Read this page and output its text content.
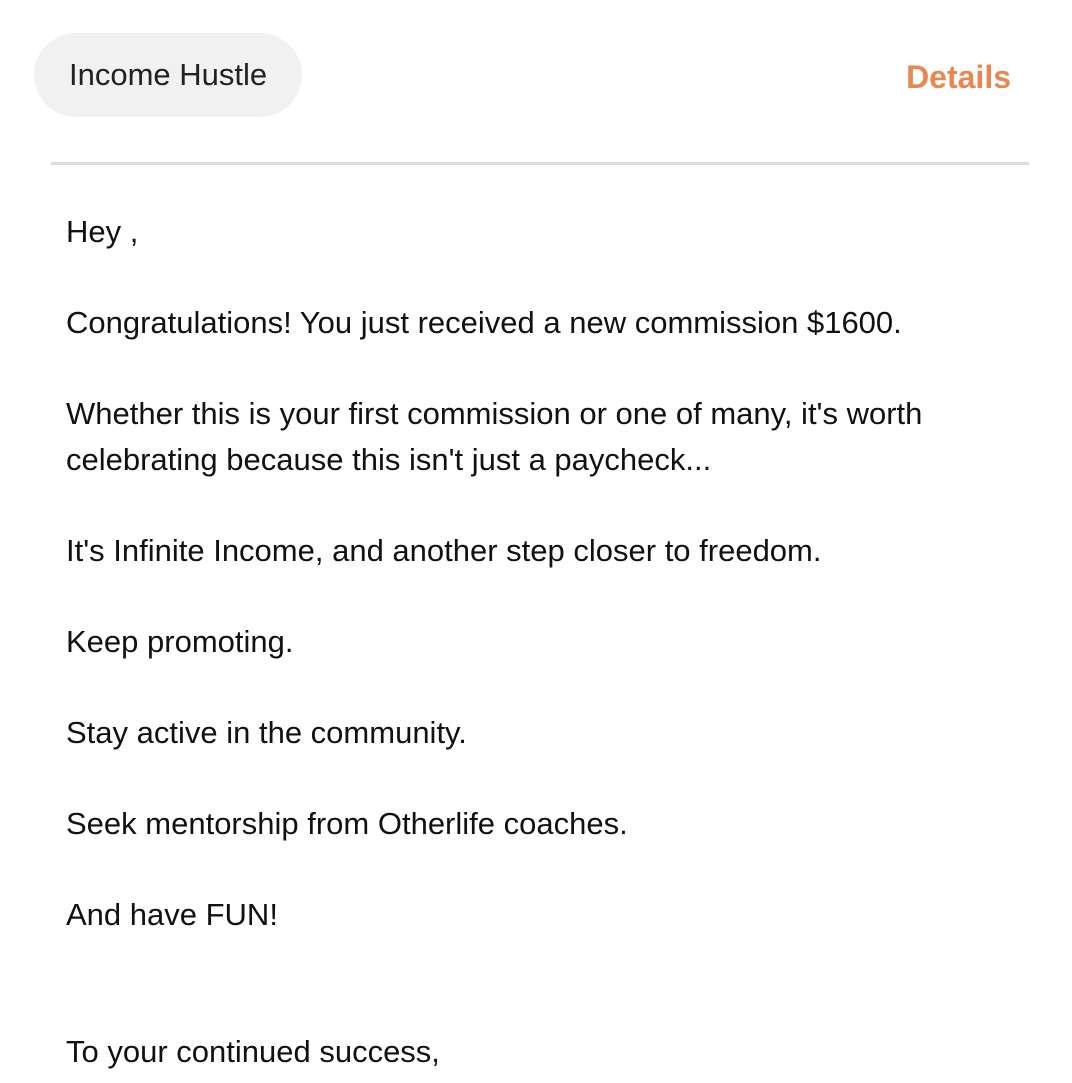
Income Hustle	Details

Hey ,

Congratulations! You just received a new commission $1600.

Whether this is your first commission or one of many, it's worth celebrating because this isn't just a paycheck...

It's Infinite Income, and another step closer to freedom.

Keep promoting.

Stay active in the community.

Seek mentorship from Otherlife coaches.

And have FUN!

To your continued success,
